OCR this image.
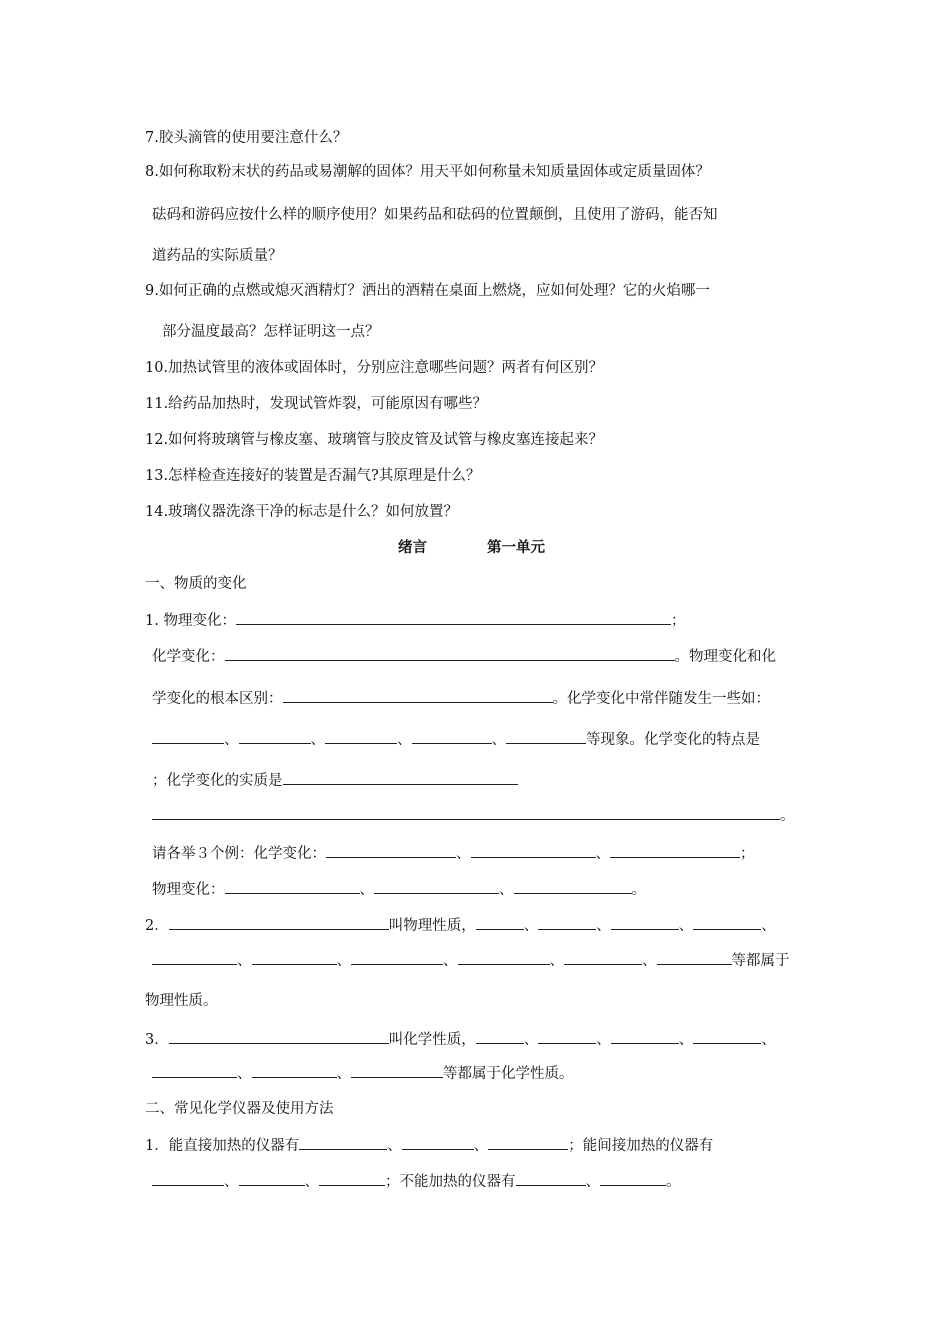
7.胶头滴管的使用要注意什么？
8.如何称取粉末状的药品或易潮解的固体？用天平如何称量未知质量固体或定质量固体？
砝码和游码应按什么样的顺序使用？如果药品和砝码的位置颠倒，且使用了游码，能否知
道药品的实际质量？
9.如何正确的点燃或熄灭酒精灯？洒出的酒精在桌面上燃烧，应如何处理？它的火焰哪一
部分温度最高？怎样证明这一点？
10.加热试管里的液体或固体时，分别应注意哪些问题？两者有何区别？
11.给药品加热时，发现试管炸裂，可能原因有哪些？
12.如何将玻璃管与橡皮塞、玻璃管与胶皮管及试管与橡皮塞连接起来？
13.怎样检查连接好的装置是否漏气?其原理是什么？
14.玻璃仪器洗涤干净的标志是什么？如何放置？
绪言	第一单元
一、物质的变化
1. 物理变化：	；
化学变化：	。物理变化和化
学变化的根本区别：	。化学变化中常伴随发生一些如：
、	、	、	、	等现象。化学变化的特点是
；化学变化的实质是
。
请各举３个例：化学变化：	、	、	；
物理变化：	、	、	。
2．	叫物理性质，	、	、	、	、
、	、	、	、	、	等都属于
物理性质。
3．	叫化学性质，	、	、	、	、
、	、	等都属于化学性质。
二、常见化学仪器及使用方法
1．能直接加热的仪器有	、	、	；能间接加热的仪器有
、	、	；不能加热的仪器有	、	。
